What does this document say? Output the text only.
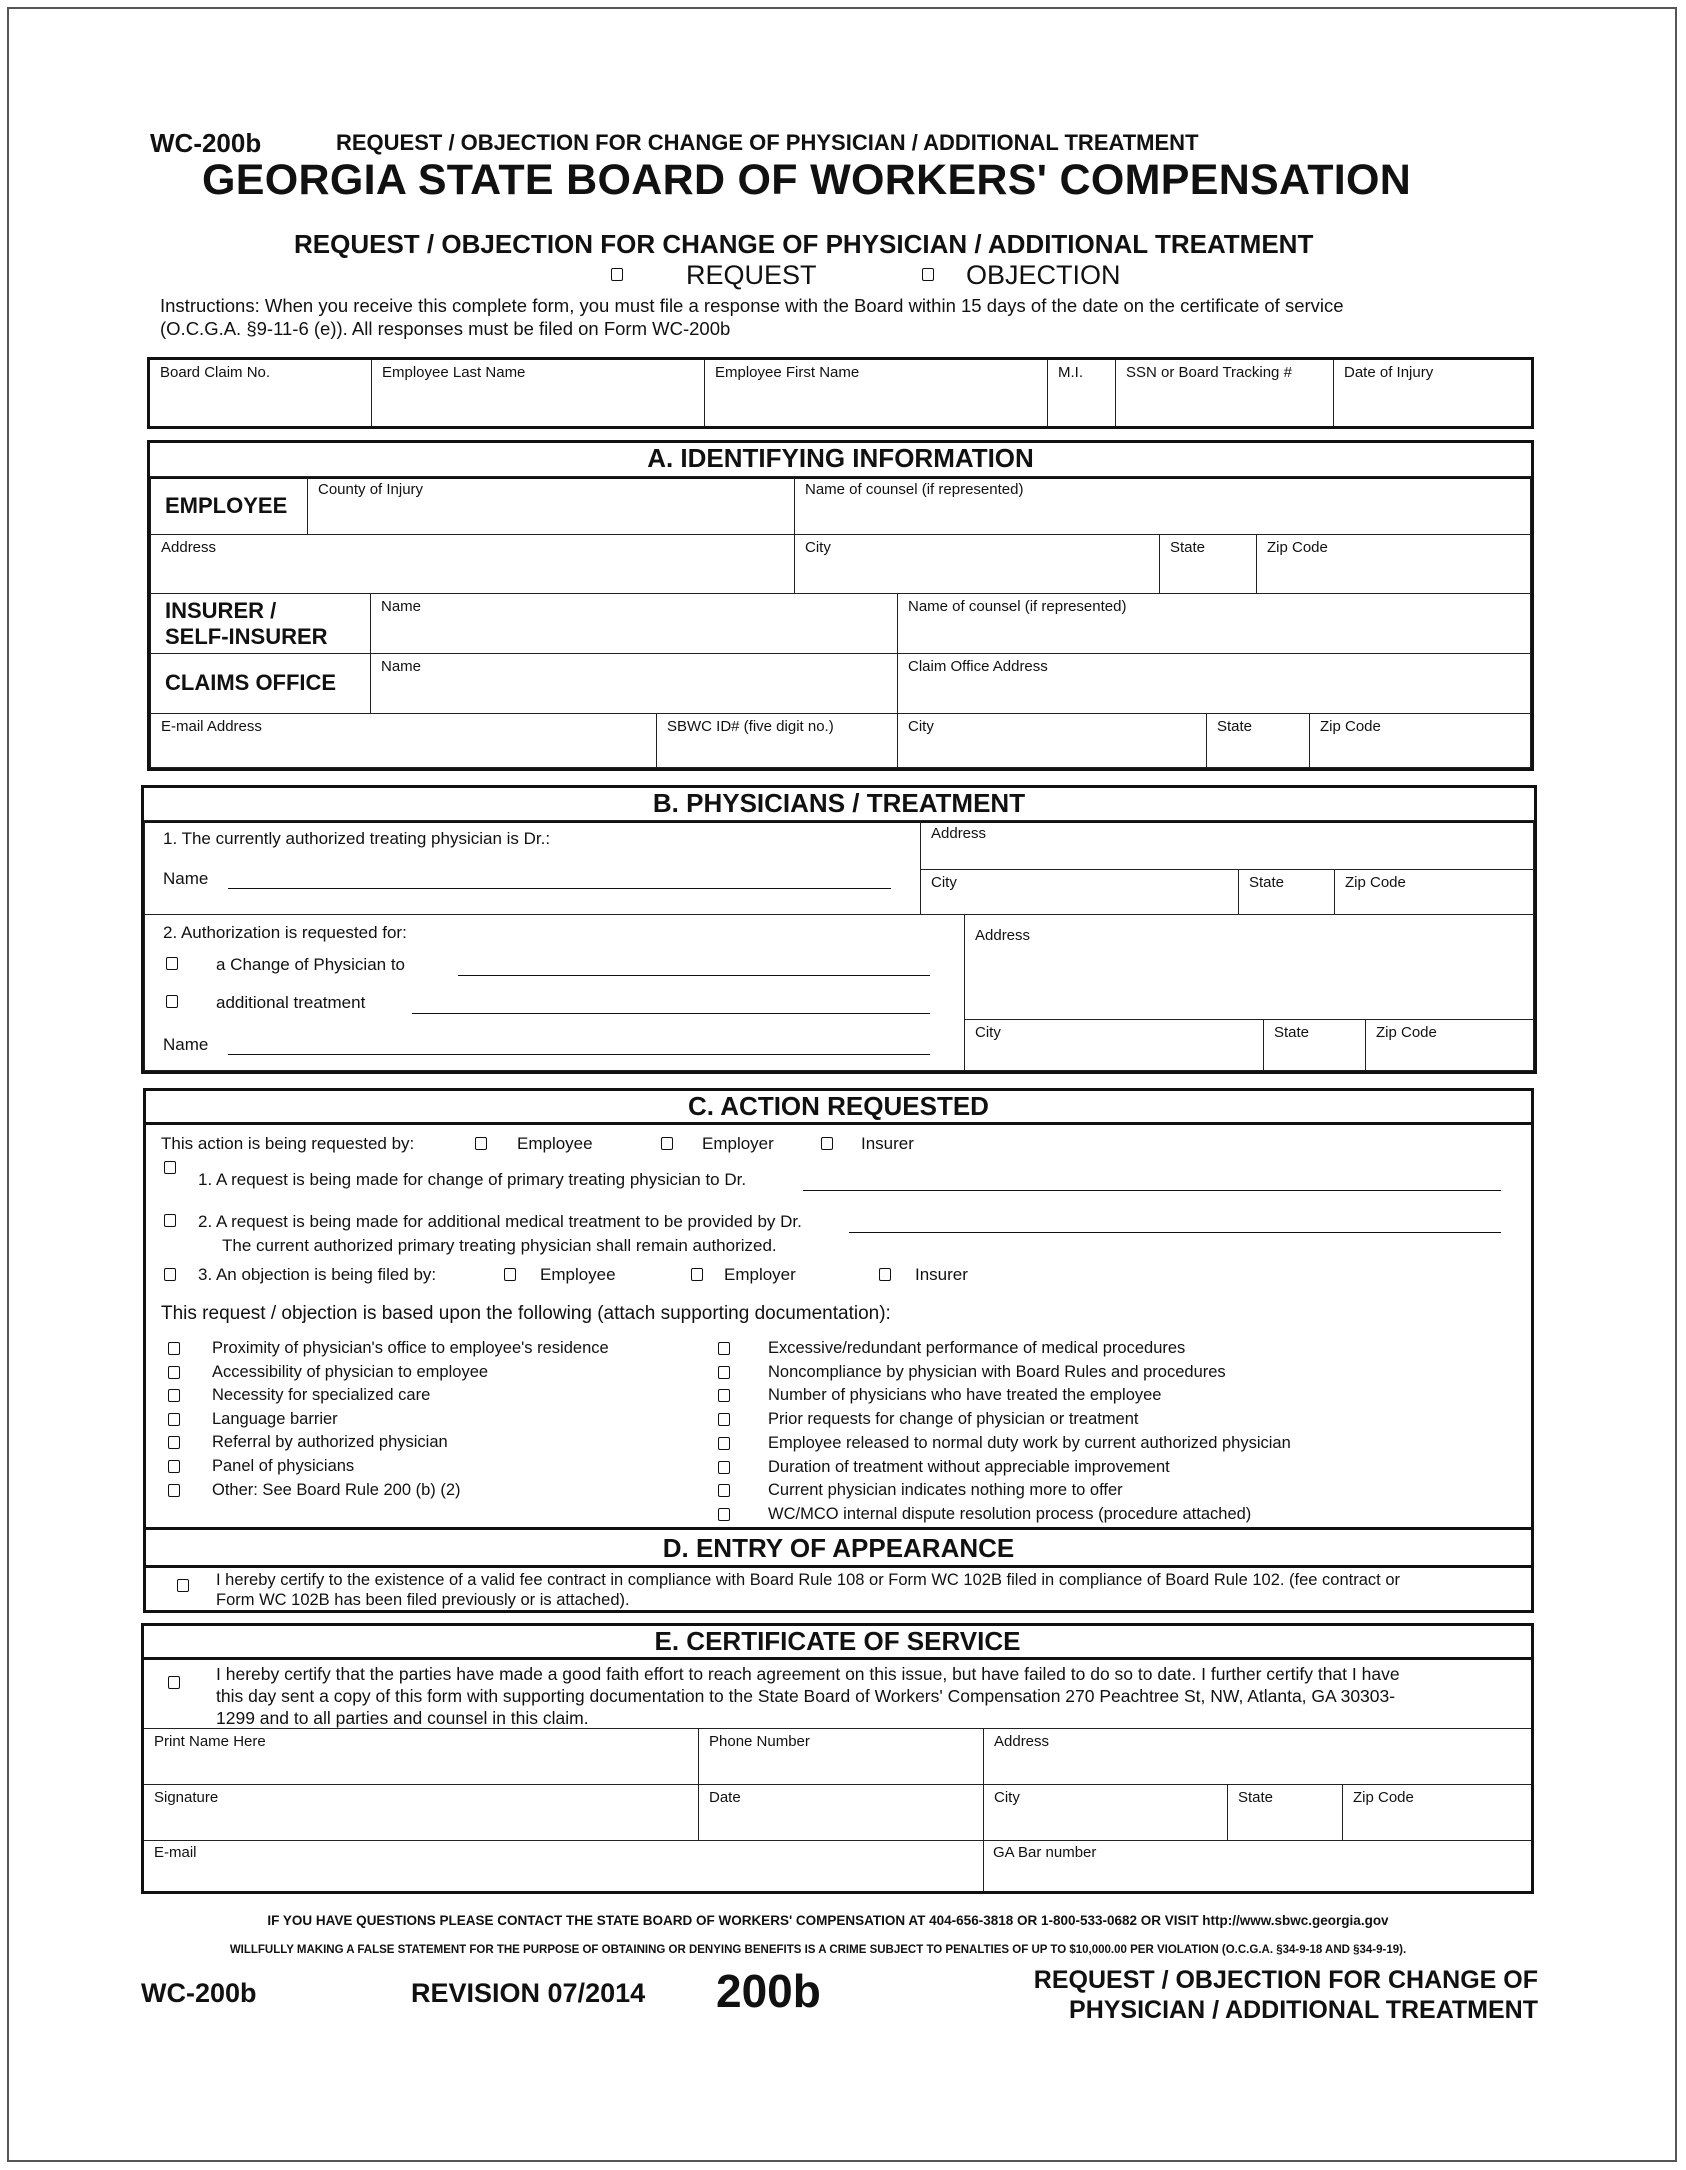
WC-200b	REQUEST / OBJECTION FOR CHANGE OF PHYSICIAN / ADDITIONAL TREATMENT
GEORGIA STATE BOARD OF WORKERS' COMPENSATION
REQUEST / OBJECTION FOR CHANGE OF PHYSICIAN / ADDITIONAL TREATMENT
REQUEST	OBJECTION
Instructions: When you receive this complete form, you must file a response with the Board within 15 days of the date on the certificate of service
(O.C.G.A. §9-11-6 (e)). All responses must be filed on Form WC-200b
Board Claim No.	Employee Last Name	Employee First Name	M.I.	SSN or Board Tracking #	Date of Injury
A. IDENTIFYING INFORMATION
EMPLOYEE
County of Injury	Name of counsel (if represented)
Address	City	State	Zip Code
INSURER / SELF-INSURER
Name	Name of counsel (if represented)
CLAIMS OFFICE
Name	Claim Office Address
E-mail Address	SBWC ID# (five digit no.)	City	State	Zip Code
B. PHYSICIANS / TREATMENT
1. The currently authorized treating physician is Dr.:
Name
Address
City	State	Zip Code
2. Authorization is requested for:
a Change of Physician to
additional treatment
Name
Address
City	State	Zip Code
C. ACTION REQUESTED
This action is being requested by:	Employee	Employer	Insurer
1. A request is being made for change of primary treating physician to Dr.
2. A request is being made for additional medical treatment to be provided by Dr.
The current authorized primary treating physician shall remain authorized.
3. An objection is being filed by:	Employee	Employer	Insurer
This request / objection is based upon the following (attach supporting documentation):
Proximity of physician's office to employee's residence
Accessibility of physician to employee
Necessity for specialized care
Language barrier
Referral by authorized physician
Panel of physicians
Other: See Board Rule 200 (b) (2)
Excessive/redundant performance of medical procedures
Noncompliance by physician with Board Rules and procedures
Number of physicians who have treated the employee
Prior requests for change of physician or treatment
Employee released to normal duty work by current authorized physician
Duration of treatment without appreciable improvement
Current physician indicates nothing more to offer
WC/MCO internal dispute resolution process (procedure attached)
D. ENTRY OF APPEARANCE
I hereby certify to the existence of a valid fee contract in compliance with Board Rule 108 or Form WC 102B filed in compliance of Board Rule 102. (fee contract or
Form WC 102B has been filed previously or is attached).
E. CERTIFICATE OF SERVICE
I hereby certify that the parties have made a good faith effort to reach agreement on this issue, but have failed to do so to date. I further certify that I have
this day sent a copy of this form with supporting documentation to the State Board of Workers' Compensation 270 Peachtree St, NW, Atlanta, GA 30303-
1299 and to all parties and counsel in this claim.
Print Name Here	Phone Number	Address
Signature	Date	City	State	Zip Code
E-mail	GA Bar number
IF YOU HAVE QUESTIONS PLEASE CONTACT THE STATE BOARD OF WORKERS' COMPENSATION AT 404-656-3818 OR 1-800-533-0682 OR VISIT http://www.sbwc.georgia.gov
WILLFULLY MAKING A FALSE STATEMENT FOR THE PURPOSE OF OBTAINING OR DENYING BENEFITS IS A CRIME SUBJECT TO PENALTIES OF UP TO $10,000.00 PER VIOLATION (O.C.G.A. §34-9-18 AND §34-9-19).
WC-200b	REVISION 07/2014 200b	REQUEST / OBJECTION FOR CHANGE OF
PHYSICIAN / ADDITIONAL TREATMENT
